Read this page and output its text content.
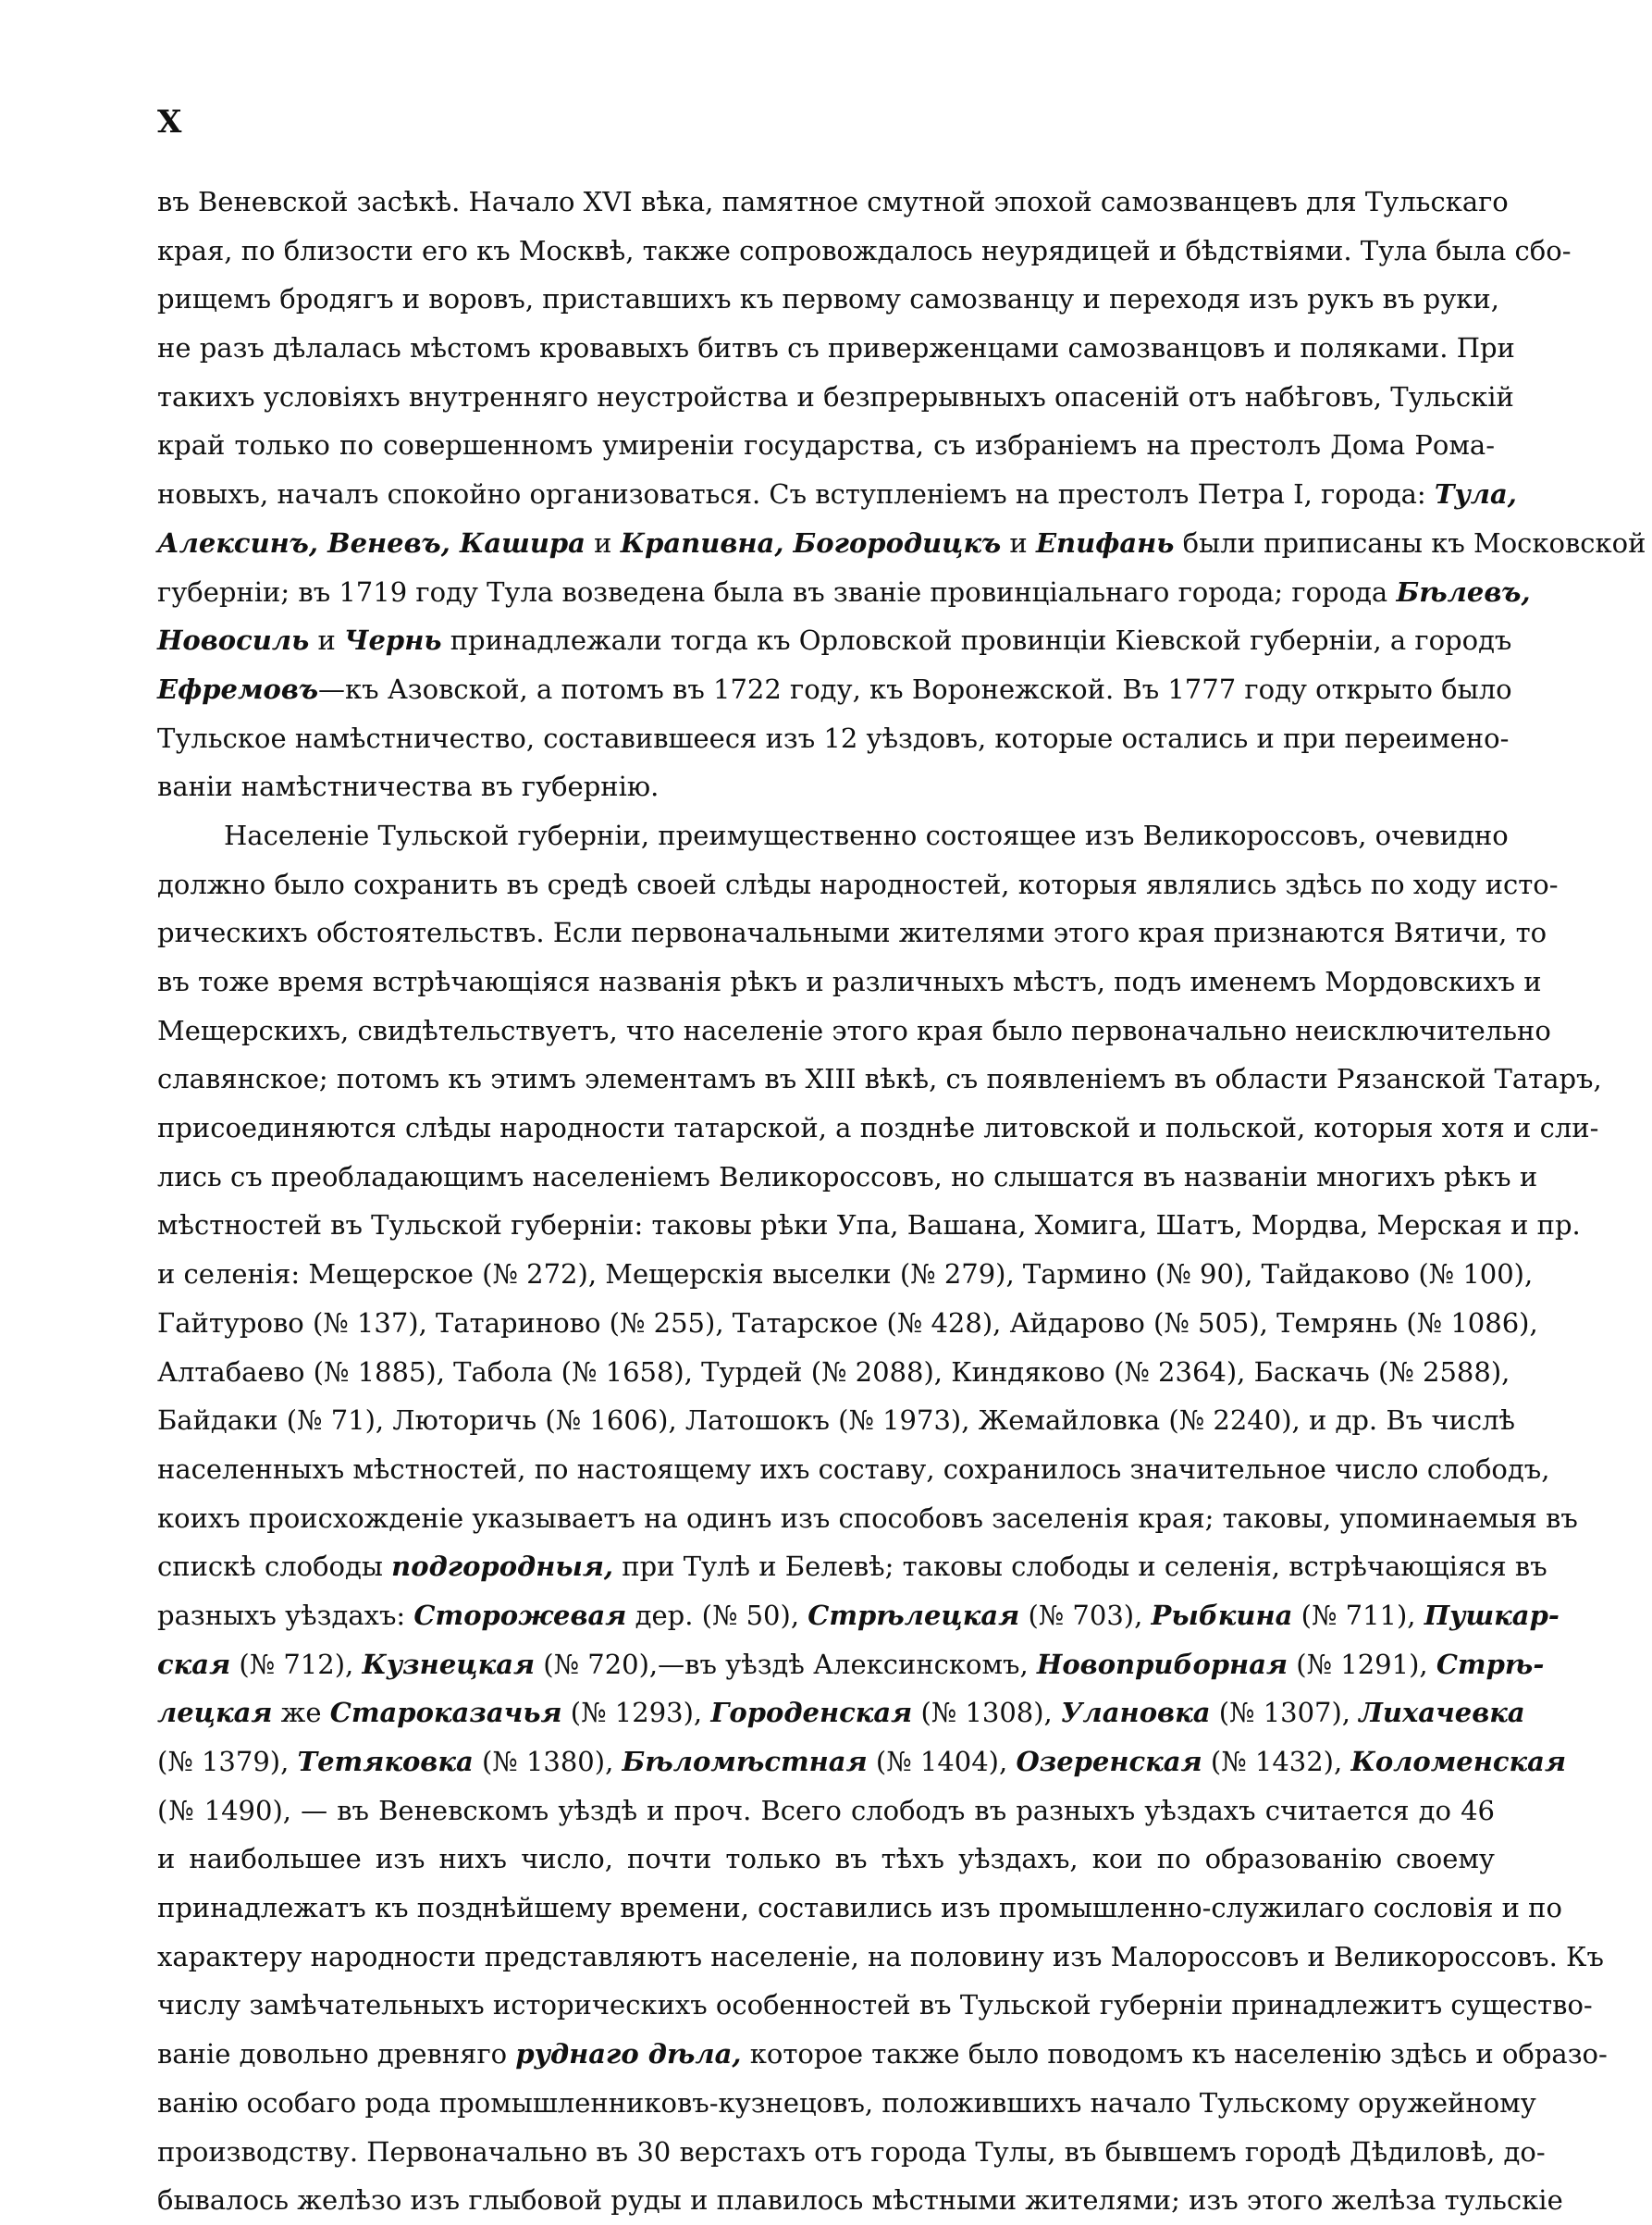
X
въ Веневской засѣкѣ. Начало XVI вѣка, памятное смутной эпохой самозванцевъ для Тульскаго
края, по близости его къ Москвѣ, также сопровождалось неурядицей и бѣдствiями. Тула была сбо-
рищемъ бродягъ и воровъ, приставшихъ къ первому самозванцу и переходя изъ рукъ въ руки,
не разъ дѣлалась мѣстомъ кровавыхъ битвъ съ приверженцами самозванцовъ и поляками. При
такихъ условiяхъ внутренняго неустройства и безпрерывныхъ опасенiй отъ набѣговъ, Тульскiй
край только по совершенномъ умиренiи государства, съ избранiемъ на престолъ Дома Рома-
новыхъ, началъ спокойно организоваться. Съ вступленiемъ на престолъ Петра I, города: Тула,
Алексинъ, Веневъ, Кашира и Крапивна, Богородицкъ и Епифань были приписаны къ Московской
губернiи; въ 1719 году Тула возведена была въ званiе провинцiальнаго города; города Бѣлевъ,
Новосиль и Чернь принадлежали тогда къ Орловской провинцiи Кiевской губернiи, а городъ
Ефремовъ—къ Азовской, а потомъ въ 1722 году, къ Воронежской. Въ 1777 году открыто было
Тульское намѣстничество, составившееся изъ 12 уѣздовъ, которые остались и при переимено-
ванiи намѣстничества въ губернiю.
Населенiе Тульской губернiи, преимущественно состоящее изъ Великороссовъ, очевидно
должно было сохранить въ средѣ своей слѣды народностей, которыя являлись здѣсь по ходу исто-
рическихъ обстоятельствъ. Если первоначальными жителями этого края признаются Вятичи, то
въ тоже время встрѣчающiяся названiя рѣкъ и различныхъ мѣстъ, подъ именемъ Мордовскихъ и
Мещерскихъ, свидѣтельствуетъ, что населенiе этого края было первоначально неисключительно
славянское; потомъ къ этимъ элементамъ въ XIII вѣкѣ, съ появленiемъ въ области Рязанской Татаръ,
присоединяются слѣды народности татарской, а позднѣе литовской и польской, которыя хотя и сли-
лись съ преобладающимъ населенiемъ Великороссовъ, но слышатся въ названiи многихъ рѣкъ и
мѣстностей въ Тульской губернiи: таковы рѣки Упа, Вашана, Хомига, Шатъ, Мордва, Мерская и пр.
и селенiя: Мещерское (№ 272), Мещерскiя выселки (№ 279), Тармино (№ 90), Тайдаково (№ 100),
Гайтурово (№ 137), Татариново (№ 255), Татарское (№ 428), Айдарово (№ 505), Темрянь (№ 1086),
Алтабаево (№ 1885), Табола (№ 1658), Турдей (№ 2088), Киндяково (№ 2364), Баскачь (№ 2588),
Байдаки (№ 71), Люторичь (№ 1606), Латошокъ (№ 1973), Жемайловка (№ 2240), и др. Въ числѣ
населенныхъ мѣстностей, по настоящему ихъ составу, сохранилось значительное число слободъ,
коихъ происхожденiе указываетъ на одинъ изъ способовъ заселенiя края; таковы, упоминаемыя въ
спискѣ слободы подгородныя, при Тулѣ и Белевѣ; таковы слободы и селенiя, встрѣчающiяся въ
разныхъ уѣздахъ: Сторожевая дер. (№ 50), Стрѣлецкая (№ 703), Рыбкина (№ 711), Пушкар-
ская (№ 712), Кузнецкая (№ 720),—въ уѣздѣ Алексинскомъ, Новоприборная (№ 1291), Стрѣ-
лецкая же Староказачья (№ 1293), Городенская (№ 1308), Улановка (№ 1307), Лихачевка
(№ 1379), Тетяковка (№ 1380), Бѣломѣстная (№ 1404), Озеренская (№ 1432), Коломенская
(№ 1490), — въ Веневскомъ уѣздѣ и проч. Всего слободъ въ разныхъ уѣздахъ считается до 46
и наибольшее изъ нихъ число, почти только въ тѣхъ уѣздахъ, кои по образованiю своему
принадлежатъ къ позднѣйшему времени, составились изъ промышленно-служилаго сословiя и по
характеру народности представляютъ населенiе, на половину изъ Малороссовъ и Великороссовъ. Къ
числу замѣчательныхъ историческихъ особенностей въ Тульской губернiи принадлежитъ существо-
ванiе довольно древняго руднаго дѣла, которое также было поводомъ къ населенiю здѣсь и образо-
ванiю особаго рода промышленниковъ-кузнецовъ, положившихъ начало Тульскому оружейному
производству. Первоначально въ 30 верстахъ отъ города Тулы, въ бывшемъ городѣ Дѣдиловѣ, до-
бывалось желѣзо изъ глыбовой руды и плавилось мѣстными жителями; изъ этого желѣза тульскiе
